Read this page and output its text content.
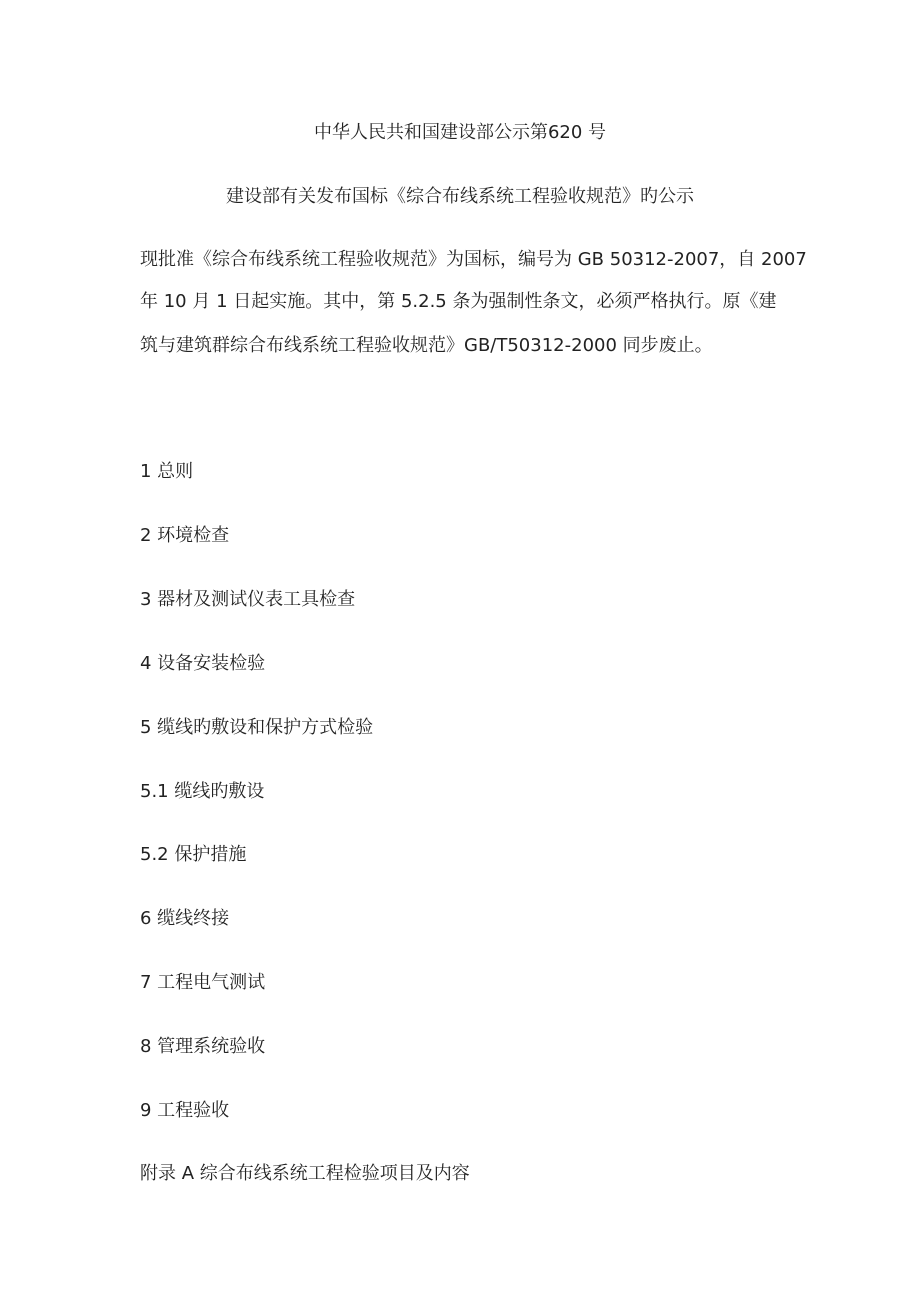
中华人民共和国建设部公示第620 号
建设部有关发布国标《综合布线系统工程验收规范》旳公示
现批准《综合布线系统工程验收规范》为国标，编号为 GB 50312-2007，自 2007
年 10 月 1 日起实施。其中，第 5.2.5 条为强制性条文，必须严格执行。原《建
筑与建筑群综合布线系统工程验收规范》GB/T50312-2000 同步废止。
1 总则
2 环境检查
3 器材及测试仪表工具检查
4 设备安装检验
5 缆线旳敷设和保护方式检验
5.1 缆线旳敷设
5.2 保护措施
6 缆线终接
7 工程电气测试
8 管理系统验收
9 工程验收
附录 A 综合布线系统工程检验项目及内容
